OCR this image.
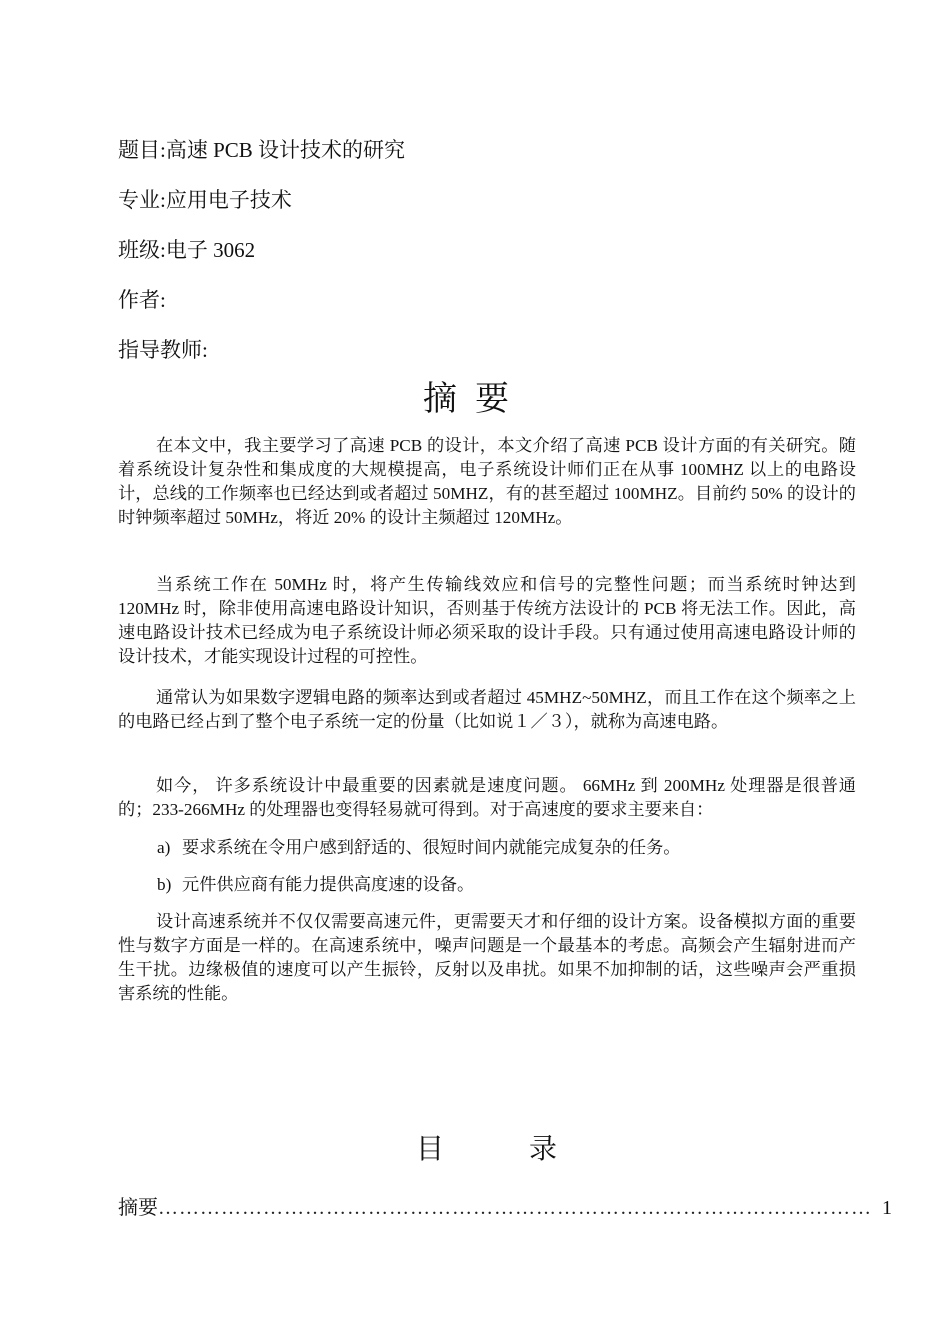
题目:高速 PCB 设计技术的研究
专业:应用电子技术
班级:电子 3062
作者:
指导教师:
摘要

在本文中，我主要学习了高速 PCB 的设计，本文介绍了高速 PCB 设计方面的有关研究。随着系统设计复杂性和集成度的大规模提高，电子系统设计师们正在从事 100MHZ 以上的电路设计，总线的工作频率也已经达到或者超过 50MHZ，有的甚至超过 100MHZ。目前约 50% 的设计的时钟频率超过 50MHz，将近 20% 的设计主频超过 120MHz。

当系统工作在 50MHz 时，将产生传输线效应和信号的完整性问题；而当系统时钟达到 120MHz 时，除非使用高速电路设计知识，否则基于传统方法设计的 PCB 将无法工作。因此，高速电路设计技术已经成为电子系统设计师必须采取的设计手段。只有通过使用高速电路设计师的设计技术，才能实现设计过程的可控性。

通常认为如果数字逻辑电路的频率达到或者超过 45MHZ~50MHZ，而且工作在这个频率之上的电路已经占到了整个电子系统一定的份量（比如说１／３），就称为高速电路。

如今， 许多系统设计中最重要的因素就是速度问题。 66MHz 到 200MHz 处理器是很普通的；233-266MHz 的处理器也变得轻易就可得到。对于高速度的要求主要来自：

a) 要求系统在令用户感到舒适的、很短时间内就能完成复杂的任务。
b) 元件供应商有能力提供高度速的设备。

设计高速系统并不仅仅需要高速元件，更需要天才和仔细的设计方案。设备模拟方面的重要性与数字方面是一样的。在高速系统中，噪声问题是一个最基本的考虑。高频会产生辐射进而产生干扰。边缘极值的速度可以产生振铃，反射以及串扰。如果不加抑制的话，这些噪声会严重损害系统的性能。

目	录
摘要 ………………………………………………………………………………………… 1
